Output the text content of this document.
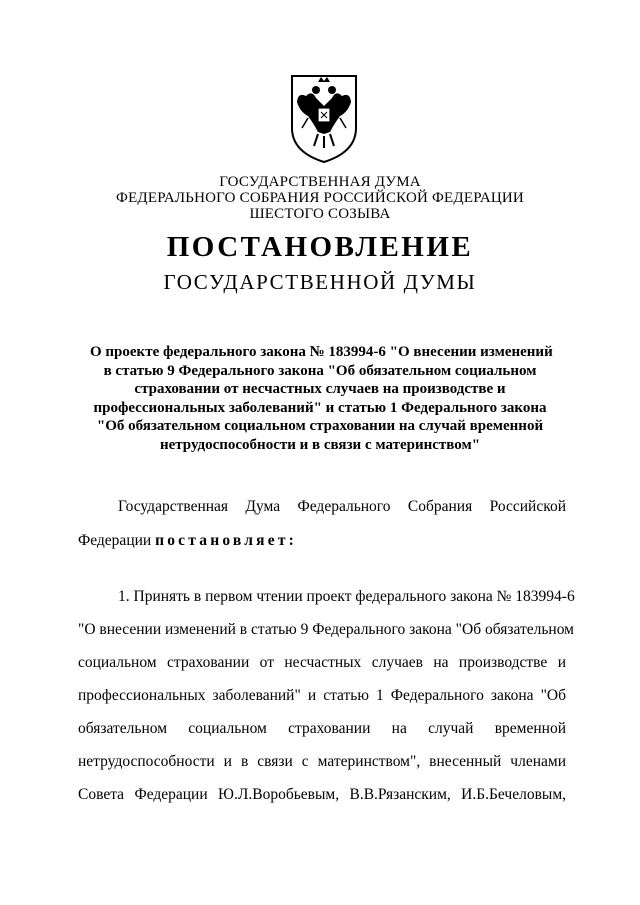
ГОСУДАРСТВЕННАЯ ДУМА
ФЕДЕРАЛЬНОГО СОБРАНИЯ РОССИЙСКОЙ ФЕДЕРАЦИИ
ШЕСТОГО СОЗЫВА
ПОСТАНОВЛЕНИЕ
ГОСУДАРСТВЕННОЙ ДУМЫ
О проекте федерального закона № 183994-6 "О внесении изменений
в статью 9 Федерального закона "Об обязательном социальном
страховании от несчастных случаев на производстве и
профессиональных заболеваний" и статью 1 Федерального закона
"Об обязательном социальном страховании на случай временной
нетрудоспособности и в связи с материнством"
Государственная Дума Федерального Собрания Российской
Федерации постановляет:
1. Принять в первом чтении проект федерального закона № 183994-6
"О внесении изменений в статью 9 Федерального закона "Об обязательном
социальном страховании от несчастных случаев на производстве и
профессиональных заболеваний" и статью 1 Федерального закона "Об
обязательном социальном страховании на случай временной
нетрудоспособности и в связи с материнством", внесенный членами
Совета Федерации Ю.Л.Воробьевым, В.В.Рязанским, И.Б.Бечеловым,
